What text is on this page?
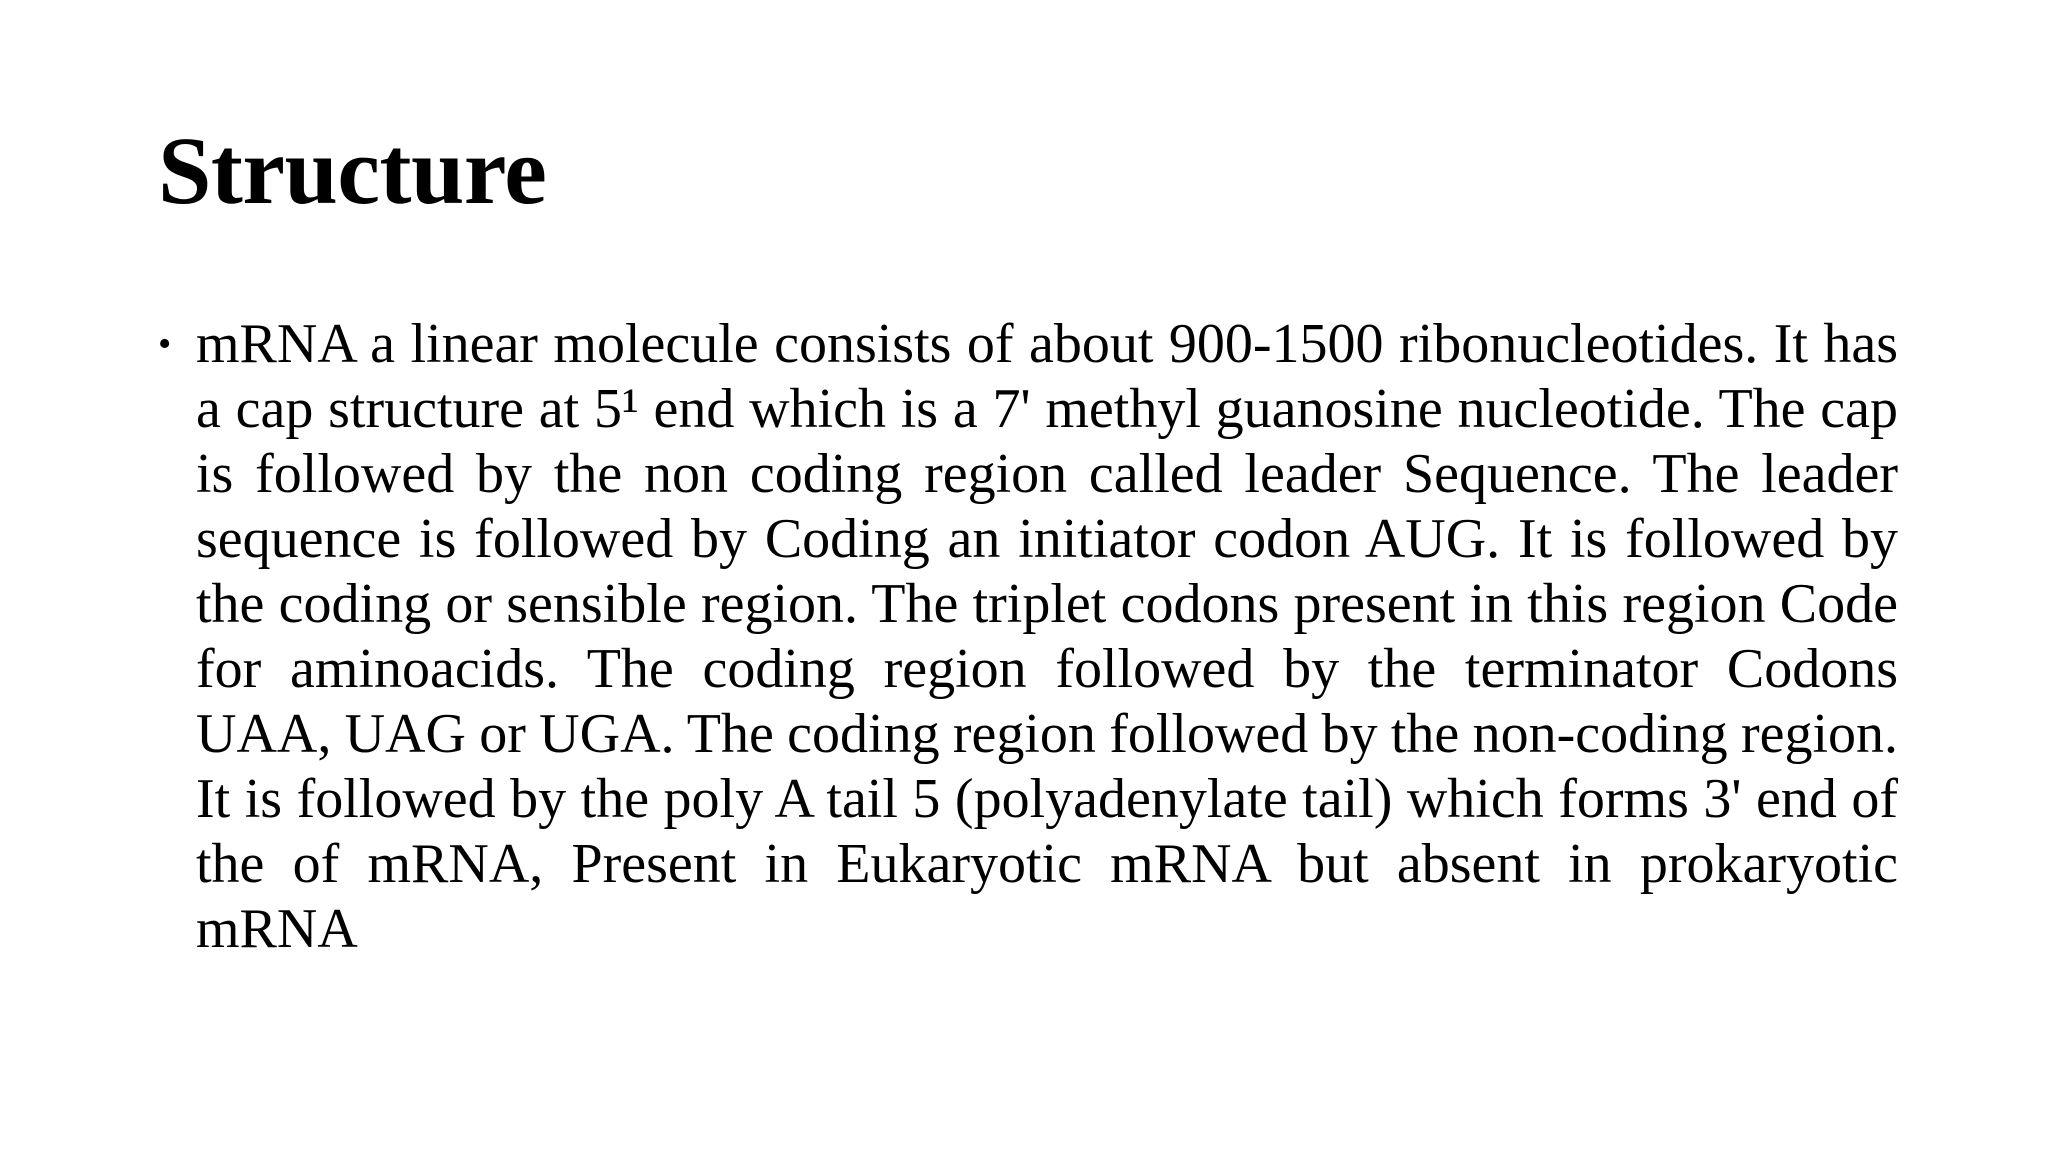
Structure
• mRNA a linear molecule consists of about 900-1500 ribonucleotides. It has a cap structure at 5¹ end which is a 7' methyl guanosine nucleotide. The cap is followed by the non coding region called leader Sequence. The leader sequence is followed by Coding an initiator codon AUG. It is followed by the coding or sensible region. The triplet codons present in this region Code for aminoacids. The coding region followed by the terminator Codons UAA, UAG or UGA. The coding region followed by the non-coding region. It is followed by the poly A tail 5 (polyadenylate tail) which forms 3' end of the of mRNA, Present in Eukaryotic mRNA but absent in prokaryotic mRNA
